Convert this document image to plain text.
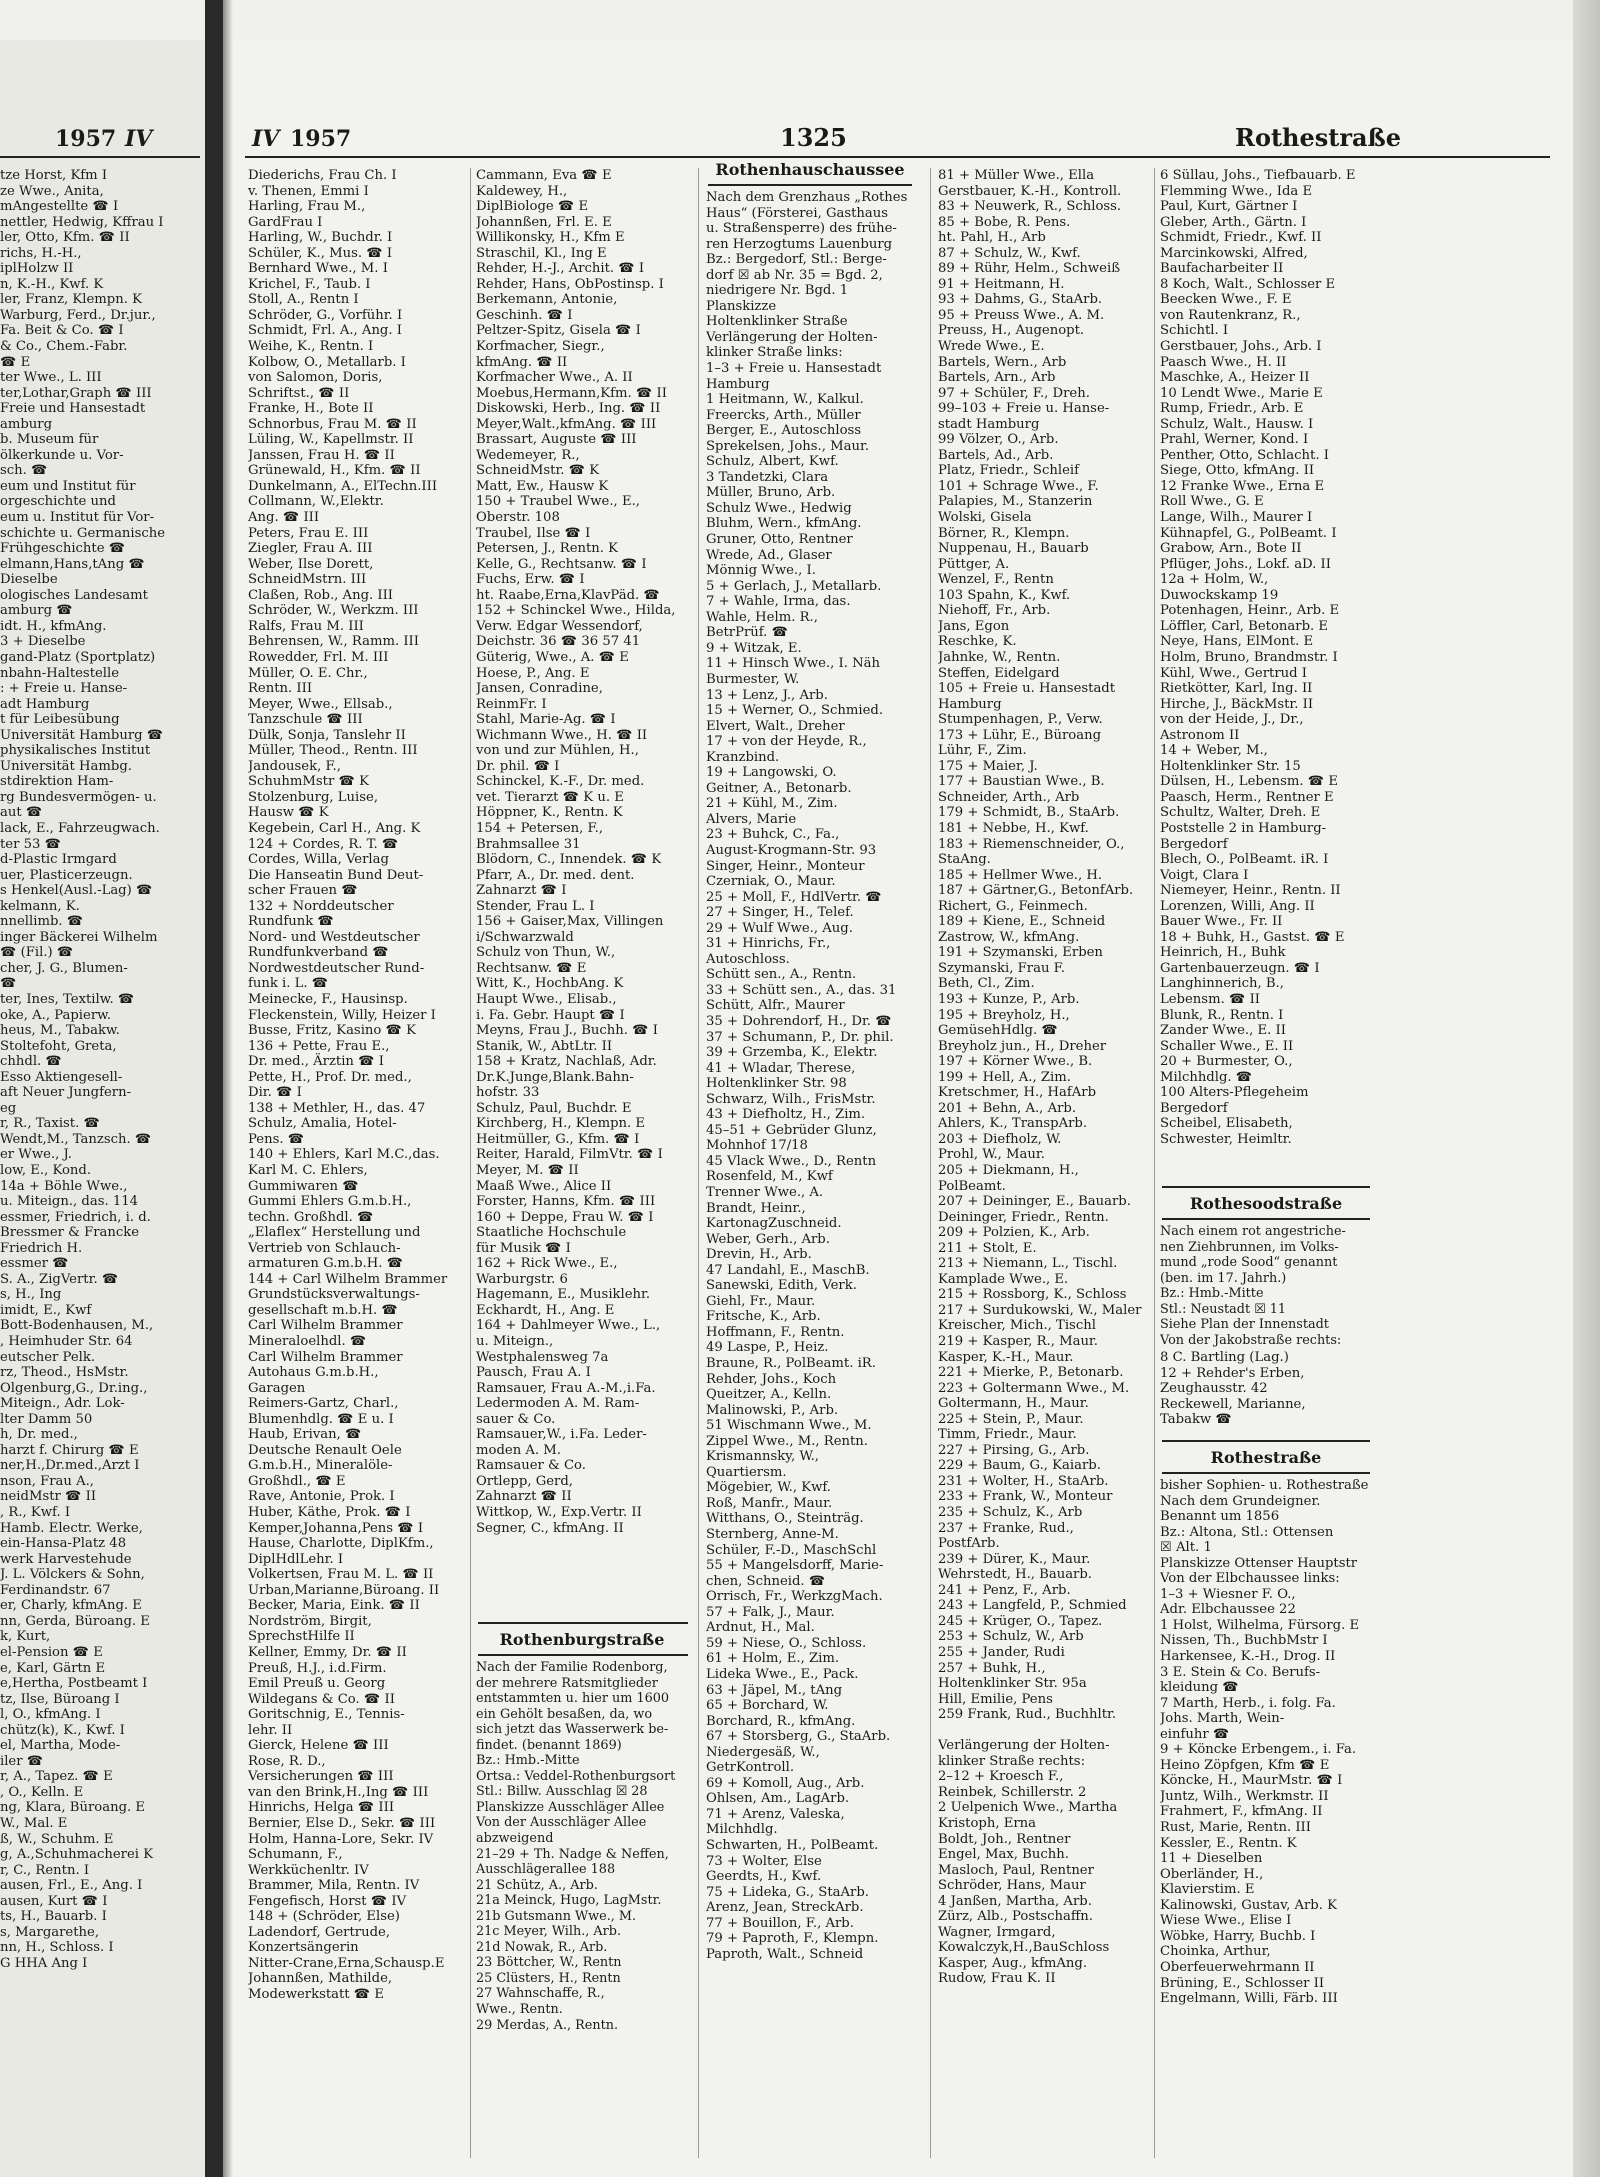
tze Horst, Kfm I
ze Wwe., Anita,
mAngestellte ☎ I
nettler, Hedwig, Kffrau I
ler, Otto, Kfm. ☎ II
richs, H.-H.,
iplHolzw II
n, K.-H., Kwf. K
ler, Franz, Klempn. K
Warburg, Ferd., Dr.jur.,
Fa. Beit & Co. ☎ I
& Co., Chem.-Fabr.
☎ E
ter Wwe., L. III
ter,Lothar,Graph ☎ III
Freie und Hansestadt
amburg
b. Museum für
ölkerkunde u. Vor-
sch. ☎
eum und Institut für
orgeschichte und
eum u. Institut für Vor-
schichte u. Germanische
Frühgeschichte ☎
elmann,Hans,tAng ☎
Dieselbe
ologisches Landesamt
amburg ☎
idt. H., kfmAng.
3 + Dieselbe
gand-Platz (Sportplatz)
nbahn-Haltestelle
: + Freie u. Hanse-
adt Hamburg
t für Leibesübung
Universität Hamburg ☎
physikalisches Institut
Universität Hambg.
stdirektion Ham-
rg Bundesvermögen- u.
aut ☎
lack, E., Fahrzeugwach.
ter 53 ☎
d-Plastic Irmgard
uer, Plasticerzeugn.
s Henkel(Ausl.-Lag) ☎
kelmann, K.
nnellimb. ☎
inger Bäckerei Wilhelm
☎ (Fil.) ☎
cher, J. G., Blumen-
☎
ter, Ines, Textilw. ☎
oke, A., Papierw.
heus, M., Tabakw.
Stoltefoht, Greta,
chhdl. ☎
Esso Aktiengesell-
aft Neuer Jungfern-
eg
r, R., Taxist. ☎
Wendt,M., Tanzsch. ☎
er Wwe., J.
low, E., Kond.
14a + Böhle Wwe.,
u. Miteign., das. 114
essmer, Friedrich, i. d.
Bressmer & Francke
Friedrich H.
essmer ☎
S. A., ZigVertr. ☎
s, H., Ing
imidt, E., Kwf
Bott-Bodenhausen, M.,
, Heimhuder Str. 64
eutscher Pelk.
rz, Theod., HsMstr.
Olgenburg,G., Dr.ing.,
Miteign., Adr. Lok-
lter Damm 50
h, Dr. med.,
harzt f. Chirurg ☎ E
ner,H.,Dr.med.,Arzt I
nson, Frau A.,
neidMstr ☎ II
, R., Kwf. I
Hamb. Electr. Werke,
ein-Hansa-Platz 48
werk Harvestehude
J. L. Völckers & Sohn,
Ferdinandstr. 67
er, Charly, kfmAng. E
nn, Gerda, Büroang. E
k, Kurt,
el-Pension ☎ E
e, Karl, Gärtn E
e,Hertha, Postbeamt I
tz, Ilse, Büroang I
l, O., kfmAng. I
chütz(k), K., Kwf. I
el, Martha, Mode-
iler ☎
r, A., Tapez. ☎ E
, O., Kelln. E
ng, Klara, Büroang. E
W., Mal. E
ß, W., Schuhm. E
g, A.,Schuhmacherei K
r, C., Rentn. I
ausen, Frl., E., Ang. I
ausen, Kurt ☎ I
ts, H., Bauarb. I
s, Margarethe,
nn, H., Schloss. I
G HHA Ang I
1957 IV	IV 1957	1325	Rothestraße
Diederichs, Frau Ch. I
v. Thenen, Emmi I
Harling, Frau M.,
GardFrau I
Harling, W., Buchdr. I
Schüler, K., Mus. ☎ I
Bernhard Wwe., M. I
Krichel, F., Taub. I
Stoll, A., Rentn I
Schröder, G., Vorführ. I
Schmidt, Frl. A., Ang. I
Weihe, K., Rentn. I
Kolbow, O., Metallarb. I
von Salomon, Doris,
Schriftst., ☎ II
Franke, H., Bote II
Schnorbus, Frau M. ☎ II
Lüling, W., Kapellmstr. II
Janssen, Frau H. ☎ II
Grünewald, H., Kfm. ☎ II
Dunkelmann, A., ElTechn.III
Collmann, W.,Elektr.
Ang. ☎ III
Peters, Frau E. III
Ziegler, Frau A. III
Weber, Ilse Dorett,
SchneidMstrn. III
Claßen, Rob., Ang. III
Schröder, W., Werkzm. III
Ralfs, Frau M. III
Behrensen, W., Ramm. III
Rowedder, Frl. M. III
Müller, O. E. Chr.,
Rentn. III
Meyer, Wwe., Ellsab.,
Tanzschule ☎ III
Dülk, Sonja, Tanslehr II
Müller, Theod., Rentn. III
Jandousek, F.,
SchuhmMstr ☎ K
Stolzenburg, Luise,
Hausw ☎ K
Kegebein, Carl H., Ang. K
124 + Cordes, R. T. ☎
Cordes, Willa, Verlag
Die Hanseatin Bund Deut-
scher Frauen ☎
132 + Norddeutscher
Rundfunk ☎
Nord- und Westdeutscher
Rundfunkverband ☎
Nordwestdeutscher Rund-
funk i. L. ☎
Meinecke, F., Hausinsp.
Fleckenstein, Willy, Heizer I
Busse, Fritz, Kasino ☎ K
136 + Pette, Frau E.,
Dr. med., Ärztin ☎ I
Pette, H., Prof. Dr. med.,
Dir. ☎ I
138 + Methler, H., das. 47
Schulz, Amalia, Hotel-
Pens. ☎
140 + Ehlers, Karl M.C.,das.
Karl M. C. Ehlers,
Gummiwaren ☎
Gummi Ehlers G.m.b.H.,
techn. Großhdl. ☎
„Elaflex“ Herstellung und
Vertrieb von Schlauch-
armaturen G.m.b.H. ☎
144 + Carl Wilhelm Brammer
Grundstücksverwaltungs-
gesellschaft m.b.H. ☎
Carl Wilhelm Brammer
Mineraloelhdl. ☎
Carl Wilhelm Brammer
Autohaus G.m.b.H.,
Garagen
Reimers-Gartz, Charl.,
Blumenhdlg. ☎ E u. I
Haub, Erivan, ☎
Deutsche Renault Oele
G.m.b.H., Mineralöle-
Großhdl., ☎ E
Rave, Antonie, Prok. I
Huber, Käthe, Prok. ☎ I
Kemper,Johanna,Pens ☎ I
Hause, Charlotte, DiplKfm.,
DiplHdlLehr. I
Volkertsen, Frau M. L. ☎ II
Urban,Marianne,Büroang. II
Becker, Maria, Eink. ☎ II
Nordström, Birgit,
SprechstHilfe II
Kellner, Emmy, Dr. ☎ II
Preuß, H.J., i.d.Firm.
Emil Preuß u. Georg
Wildegans & Co. ☎ II
Goritschnig, E., Tennis-
lehr. II
Gierck, Helene ☎ III
Rose, R. D.,
Versicherungen ☎ III
van den Brink,H.,Ing ☎ III
Hinrichs, Helga ☎ III
Bernier, Else D., Sekr. ☎ III
Holm, Hanna-Lore, Sekr. IV
Schumann, F.,
Werkküchenltr. IV
Brammer, Mila, Rentn. IV
Fengefisch, Horst ☎ IV
148 + (Schröder, Else)
Ladendorf, Gertrude,
Konzertsängerin
Nitter-Crane,Erna,Schausp.E
Johannßen, Mathilde,
Modewerkstatt ☎ E
Cammann, Eva ☎ E
Kaldewey, H.,
DiplBiologe ☎ E
Johannßen, Frl. E. E
Willikonsky, H., Kfm E
Straschil, Kl., Ing E
Rehder, H.-J., Archit. ☎ I
Rehder, Hans, ObPostinsp. I
Berkemann, Antonie,
Geschinh. ☎ I
Peltzer-Spitz, Gisela ☎ I
Korfmacher, Siegr.,
kfmAng. ☎ II
Korfmacher Wwe., A. II
Moebus,Hermann,Kfm. ☎ II
Diskowski, Herb., Ing. ☎ II
Meyer,Walt.,kfmAng. ☎ III
Brassart, Auguste ☎ III
Wedemeyer, R.,
SchneidMstr. ☎ K
Matt, Ew., Hausw K
150 + Traubel Wwe., E.,
Oberstr. 108
Traubel, Ilse ☎ I
Petersen, J., Rentn. K
Kelle, G., Rechtsanw. ☎ I
Fuchs, Erw. ☎ I
ht. Raabe,Erna,KlavPäd. ☎
152 + Schinckel Wwe., Hilda,
Verw. Edgar Wessendorf,
Deichstr. 36 ☎ 36 57 41
Güterig, Wwe., A. ☎ E
Hoese, P., Ang. E
Jansen, Conradine,
ReinmFr. I
Stahl, Marie-Ag. ☎ I
Wichmann Wwe., H. ☎ II
von und zur Mühlen, H.,
Dr. phil. ☎ I
Schinckel, K.-F., Dr. med.
vet. Tierarzt ☎ K u. E
Höppner, K., Rentn. K
154 + Petersen, F.,
Brahmsallee 31
Blödorn, C., Innendek. ☎ K
Pfarr, A., Dr. med. dent.
Zahnarzt ☎ I
Stender, Frau L. I
156 + Gaiser,Max, Villingen
i/Schwarzwald
Schulz von Thun, W.,
Rechtsanw. ☎ E
Witt, K., HochbAng. K
Haupt Wwe., Elisab.,
i. Fa. Gebr. Haupt ☎ I
Meyns, Frau J., Buchh. ☎ I
Stanik, W., AbtLtr. II
158 + Kratz, Nachlaß, Adr.
Dr.K.Junge,Blank.Bahn-
hofstr. 33
Schulz, Paul, Buchdr. E
Kirchberg, H., Klempn. E
Heitmüller, G., Kfm. ☎ I
Reiter, Harald, FilmVtr. ☎ I
Meyer, M. ☎ II
Maaß Wwe., Alice II
Forster, Hanns, Kfm. ☎ III
160 + Deppe, Frau W. ☎ I
Staatliche Hochschule
für Musik ☎ I
162 + Rick Wwe., E.,
Warburgstr. 6
Hagemann, E., Musiklehr.
Eckhardt, H., Ang. E
164 + Dahlmeyer Wwe., L.,
u. Miteign.,
Westphalensweg 7a
Pausch, Frau A. I
Ramsauer, Frau A.-M.,i.Fa.
Ledermoden A. M. Ram-
sauer & Co.
Ramsauer,W., i.Fa. Leder-
moden A. M.
Ramsauer & Co.
Ortlepp, Gerd,
Zahnarzt ☎ II
Wittkop, W., Exp.Vertr. II
Segner, C., kfmAng. II
Rothenburgstraße
Nach der Familie Rodenborg,
der mehrere Ratsmitglieder
entstammten u. hier um 1600
ein Gehölt besaßen, da, wo
sich jetzt das Wasserwerk be-
findet. (benannt 1869)
Bz.: Hmb.-Mitte
Ortsa.: Veddel-Rothenburgsort
Stl.: Billw. Ausschlag ☒ 28
Planskizze Ausschläger Allee
Von der Ausschläger Allee
abzweigend
21–29 + Th. Nadge & Neffen,
Ausschlägerallee 188
21 Schütz, A., Arb.
21a Meinck, Hugo, LagMstr.
21b Gutsmann Wwe., M.
21c Meyer, Wilh., Arb.
21d Nowak, R., Arb.
23 Böttcher, W., Rentn
25 Clüsters, H., Rentn
27 Wahnschaffe, R.,
Wwe., Rentn.
29 Merdas, A., Rentn.
Rothenhauschaussee
Nach dem Grenzhaus „Rothes
Haus“ (Försterei, Gasthaus
u. Straßensperre) des frühe-
ren Herzogtums Lauenburg
Bz.: Bergedorf, Stl.: Berge-
dorf ☒ ab Nr. 35 = Bgd. 2,
niedrigere Nr. Bgd. 1
Planskizze
Holtenklinker Straße
Verlängerung der Holten-
klinker Straße links:
1–3 + Freie u. Hansestadt
Hamburg
1 Heitmann, W., Kalkul.
Freercks, Arth., Müller
Berger, E., Autoschloss
Sprekelsen, Johs., Maur.
Schulz, Albert, Kwf.
3 Tandetzki, Clara
Müller, Bruno, Arb.
Schulz Wwe., Hedwig
Bluhm, Wern., kfmAng.
Gruner, Otto, Rentner
Wrede, Ad., Glaser
Mönnig Wwe., I.
5 + Gerlach, J., Metallarb.
7 + Wahle, Irma, das.
Wahle, Helm. R.,
BetrPrüf. ☎
9 + Witzak, E.
11 + Hinsch Wwe., I. Näh
Burmester, W.
13 + Lenz, J., Arb.
15 + Werner, O., Schmied.
Elvert, Walt., Dreher
17 + von der Heyde, R.,
Kranzbind.
19 + Langowski, O.
Geitner, A., Betonarb.
21 + Kühl, M., Zim.
Alvers, Marie
23 + Buhck, C., Fa.,
August-Krogmann-Str. 93
Singer, Heinr., Monteur
Czerniak, O., Maur.
25 + Moll, F., HdlVertr. ☎
27 + Singer, H., Telef.
29 + Wulf Wwe., Aug.
31 + Hinrichs, Fr.,
Autoschloss.
Schütt sen., A., Rentn.
33 + Schütt sen., A., das. 31
Schütt, Alfr., Maurer
35 + Dohrendorf, H., Dr. ☎
37 + Schumann, P., Dr. phil.
39 + Grzemba, K., Elektr.
41 + Wladar, Therese,
Holtenklinker Str. 98
Schwarz, Wilh., FrisMstr.
43 + Diefholtz, H., Zim.
45–51 + Gebrüder Glunz,
Mohnhof 17/18
45 Vlack Wwe., D., Rentn
Rosenfeld, M., Kwf
Trenner Wwe., A.
Brandt, Heinr.,
KartonagZuschneid.
Weber, Gerh., Arb.
Drevin, H., Arb.
47 Landahl, E., MaschB.
Sanewski, Edith, Verk.
Giehl, Fr., Maur.
Fritsche, K., Arb.
Hoffmann, F., Rentn.
49 Laspe, P., Heiz.
Braune, R., PolBeamt. iR.
Rehder, Johs., Koch
Queitzer, A., Kelln.
Malinowski, P., Arb.
51 Wischmann Wwe., M.
Zippel Wwe., M., Rentn.
Krismannsky, W.,
Quartiersm.
Mögebier, W., Kwf.
Roß, Manfr., Maur.
Witthans, O., Steinträg.
Sternberg, Anne-M.
Schüler, F.-D., MaschSchl
55 + Mangelsdorff, Marie-
chen, Schneid. ☎
Orrisch, Fr., WerkzgMach.
57 + Falk, J., Maur.
Ardnut, H., Mal.
59 + Niese, O., Schloss.
61 + Holm, E., Zim.
Lideka Wwe., E., Pack.
63 + Jäpel, M., tAng
65 + Borchard, W.
Borchard, R., kfmAng.
67 + Storsberg, G., StaArb.
Niedergesäß, W.,
GetrKontroll.
69 + Komoll, Aug., Arb.
Ohlsen, Am., LagArb.
71 + Arenz, Valeska,
Milchhdlg.
Schwarten, H., PolBeamt.
73 + Wolter, Else
Geerdts, H., Kwf.
75 + Lideka, G., StaArb.
Arenz, Jean, StreckArb.
77 + Bouillon, F., Arb.
79 + Paproth, F., Klempn.
Paproth, Walt., Schneid
81 + Müller Wwe., Ella
Gerstbauer, K.-H., Kontroll.
83 + Neuwerk, R., Schloss.
85 + Bobe, R. Pens.
ht. Pahl, H., Arb
87 + Schulz, W., Kwf.
89 + Rühr, Helm., Schweiß
91 + Heitmann, H.
93 + Dahms, G., StaArb.
95 + Preuss Wwe., A. M.
Preuss, H., Augenopt.
Wrede Wwe., E.
Bartels, Wern., Arb
Bartels, Arn., Arb
97 + Schüler, F., Dreh.
99–103 + Freie u. Hanse-
stadt Hamburg
99 Völzer, O., Arb.
Bartels, Ad., Arb.
Platz, Friedr., Schleif
101 + Schrage Wwe., F.
Palapies, M., Stanzerin
Wolski, Gisela
Börner, R., Klempn.
Nuppenau, H., Bauarb
Püttger, A.
Wenzel, F., Rentn
103 Spahn, K., Kwf.
Niehoff, Fr., Arb.
Jans, Egon
Reschke, K.
Jahnke, W., Rentn.
Steffen, Eidelgard
105 + Freie u. Hansestadt
Hamburg
Stumpenhagen, P., Verw.
173 + Lühr, E., Büroang
Lühr, F., Zim.
175 + Maier, J.
177 + Baustian Wwe., B.
Schneider, Arth., Arb
179 + Schmidt, B., StaArb.
181 + Nebbe, H., Kwf.
183 + Riemenschneider, O.,
StaAng.
185 + Hellmer Wwe., H.
187 + Gärtner,G., BetonfArb.
Richert, G., Feinmech.
189 + Kiene, E., Schneid
Zastrow, W., kfmAng.
191 + Szymanski, Erben
Szymanski, Frau F.
Beth, Cl., Zim.
193 + Kunze, P., Arb.
195 + Breyholz, H.,
GemüsehHdlg. ☎
Breyholz jun., H., Dreher
197 + Körner Wwe., B.
199 + Hell, A., Zim.
Kretschmer, H., HafArb
201 + Behn, A., Arb.
Ahlers, K., TranspArb.
203 + Diefholz, W.
Prohl, W., Maur.
205 + Diekmann, H.,
PolBeamt.
207 + Deininger, E., Bauarb.
Deininger, Friedr., Rentn.
209 + Polzien, K., Arb.
211 + Stolt, E.
213 + Niemann, L., Tischl.
Kamplade Wwe., E.
215 + Rossborg, K., Schloss
217 + Surdukowski, W., Maler
Kreischer, Mich., Tischl
219 + Kasper, R., Maur.
Kasper, K.-H., Maur.
221 + Mierke, P., Betonarb.
223 + Goltermann Wwe., M.
Goltermann, H., Maur.
225 + Stein, P., Maur.
Timm, Friedr., Maur.
227 + Pirsing, G., Arb.
229 + Baum, G., Kaiarb.
231 + Wolter, H., StaArb.
233 + Frank, W., Monteur
235 + Schulz, K., Arb
237 + Franke, Rud.,
PostfArb.
239 + Dürer, K., Maur.
Wehrstedt, H., Bauarb.
241 + Penz, F., Arb.
243 + Langfeld, P., Schmied
245 + Krüger, O., Tapez.
253 + Schulz, W., Arb
255 + Jander, Rudi
257 + Buhk, H.,
Holtenklinker Str. 95a
Hill, Emilie, Pens
259 Frank, Rud., Buchhltr.
Verlängerung der Holten-
klinker Straße rechts:
2–12 + Kroesch F.,
Reinbek, Schillerstr. 2
2 Uelpenich Wwe., Martha
Kristoph, Erna
Boldt, Joh., Rentner
Engel, Max, Buchh.
Masloch, Paul, Rentner
Schröder, Hans, Maur
4 Janßen, Martha, Arb.
Zürz, Alb., Postschaffn.
Wagner, Irmgard,
Kowalczyk,H.,BauSchloss
Kasper, Aug., kfmAng.
Rudow, Frau K. II
6 Süllau, Johs., Tiefbauarb. E
Flemming Wwe., Ida E
Paul, Kurt, Gärtner I
Gleber, Arth., Gärtn. I
Schmidt, Friedr., Kwf. II
Marcinkowski, Alfred,
Baufacharbeiter II
8 Koch, Walt., Schlosser E
Beecken Wwe., F. E
von Rautenkranz, R.,
Schichtl. I
Gerstbauer, Johs., Arb. I
Paasch Wwe., H. II
Maschke, A., Heizer II
10 Lendt Wwe., Marie E
Rump, Friedr., Arb. E
Schulz, Walt., Hausw. I
Prahl, Werner, Kond. I
Penther, Otto, Schlacht. I
Siege, Otto, kfmAng. II
12 Franke Wwe., Erna E
Roll Wwe., G. E
Lange, Wilh., Maurer I
Kühnapfel, G., PolBeamt. I
Grabow, Arn., Bote II
Pflüger, Johs., Lokf. aD. II
12a + Holm, W.,
Duwockskamp 19
Potenhagen, Heinr., Arb. E
Löffler, Carl, Betonarb. E
Neye, Hans, ElMont. E
Holm, Bruno, Brandmstr. I
Kühl, Wwe., Gertrud I
Rietkötter, Karl, Ing. II
Hirche, J., BäckMstr. II
von der Heide, J., Dr.,
Astronom II
14 + Weber, M.,
Holtenklinker Str. 15
Dülsen, H., Lebensm. ☎ E
Paasch, Herm., Rentner E
Schultz, Walter, Dreh. E
Poststelle 2 in Hamburg-
Bergedorf
Blech, O., PolBeamt. iR. I
Voigt, Clara I
Niemeyer, Heinr., Rentn. II
Lorenzen, Willi, Ang. II
Bauer Wwe., Fr. II
18 + Buhk, H., Gastst. ☎ E
Heinrich, H., Buhk
Gartenbauerzeugn. ☎ I
Langhinnerich, B.,
Lebensm. ☎ II
Blunk, R., Rentn. I
Zander Wwe., E. II
Schaller Wwe., E. II
20 + Burmester, O.,
Milchhdlg. ☎
100 Alters-Pflegeheim
Bergedorf
Scheibel, Elisabeth,
Schwester, Heimltr.
Rothesoodstraße
Nach einem rot angestriche-
nen Ziehbrunnen, im Volks-
mund „rode Sood“ genannt
(ben. im 17. Jahrh.)
Bz.: Hmb.-Mitte
Stl.: Neustadt ☒ 11
Siehe Plan der Innenstadt
Von der Jakobstraße rechts:
8 C. Bartling (Lag.)
12 + Rehder's Erben,
Zeughausstr. 42
Reckewell, Marianne,
Tabakw ☎
Rothestraße
bisher Sophien- u. Rothestraße
Nach dem Grundeigner.
Benannt um 1856
Bz.: Altona, Stl.: Ottensen
☒ Alt. 1
Planskizze Ottenser Hauptstr
Von der Elbchaussee links:
1–3 + Wiesner F. O.,
Adr. Elbchaussee 22
1 Holst, Wilhelma, Fürsorg. E
Nissen, Th., BuchbMstr I
Harkensee, K.-H., Drog. II
3 E. Stein & Co. Berufs-
kleidung ☎
7 Marth, Herb., i. folg. Fa.
Johs. Marth, Wein-
einfuhr ☎
9 + Köncke Erbengem., i. Fa.
Heino Zöpfgen, Kfm ☎ E
Köncke, H., MaurMstr. ☎ I
Juntz, Wilh., Werkmstr. II
Frahmert, F., kfmAng. II
Rust, Marie, Rentn. III
Kessler, E., Rentn. K
11 + Dieselben
Oberländer, H.,
Klavierstim. E
Kalinowski, Gustav, Arb. K
Wiese Wwe., Elise I
Wöbke, Harry, Buchb. I
Choinka, Arthur,
Oberfeuerwehrmann II
Brüning, E., Schlosser II
Engelmann, Willi, Färb. III
